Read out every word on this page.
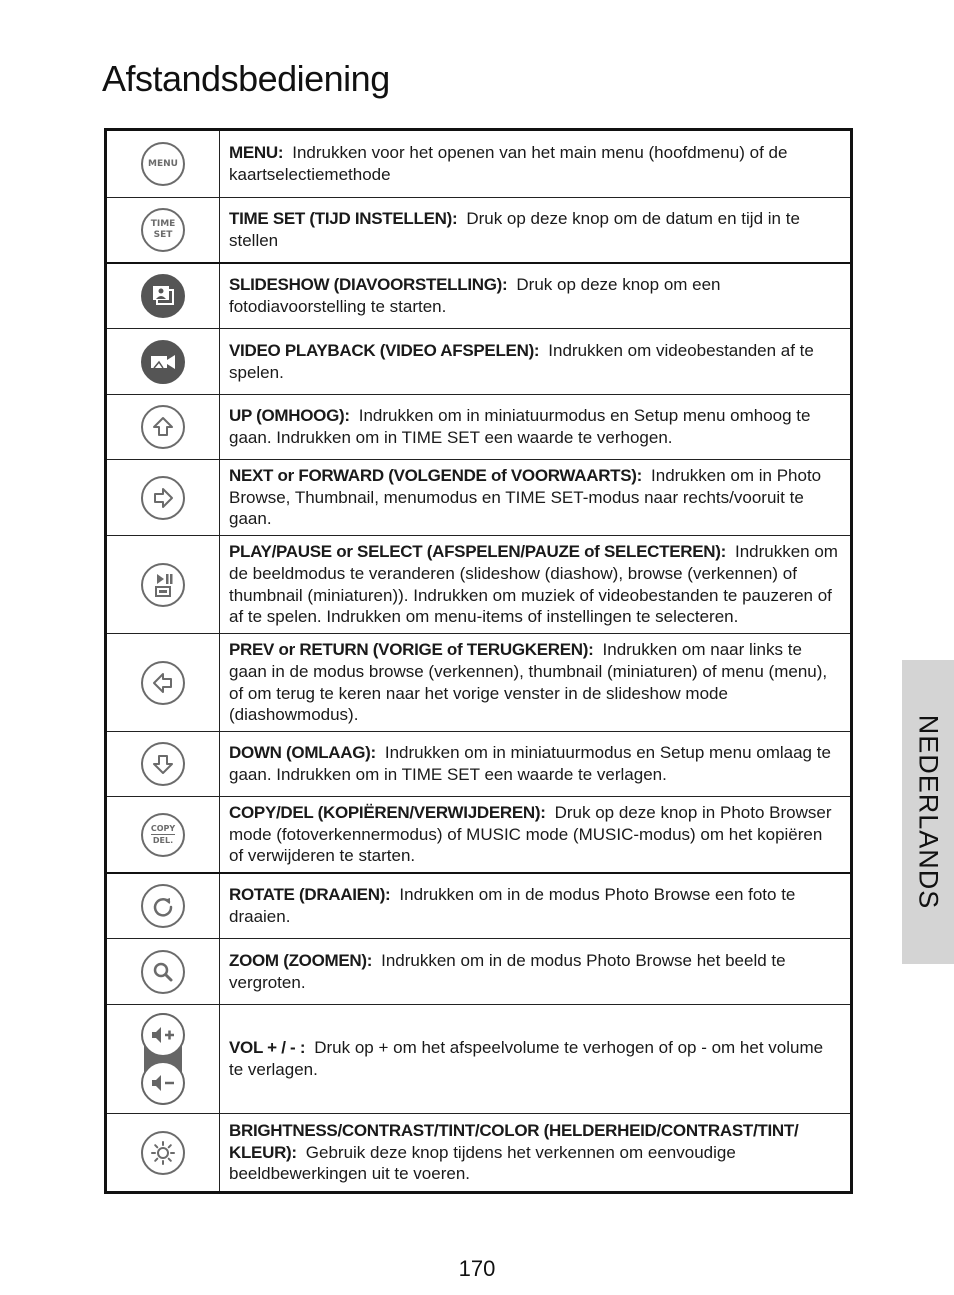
Afstandsbediening
MENU
MENU: Indrukken voor het openen van het main menu (hoofdmenu) of de kaartselectiemethode
TIME
SET
TIME SET (TIJD INSTELLEN): Druk op deze knop om de datum en tijd in te stellen
SLIDESHOW (DIAVOORSTELLING): Druk op deze knop om een fotodiavoorstelling te starten.
VIDEO PLAYBACK (VIDEO AFSPELEN): Indrukken om videobestanden af te spelen.
UP (OMHOOG): Indrukken om in miniatuurmodus en Setup menu omhoog te gaan. Indrukken om in TIME SET een waarde te verhogen.
NEXT or FORWARD (VOLGENDE of VOORWAARTS): Indrukken om in Photo Browse, Thumbnail, menumodus en TIME SET-modus naar rechts/vooruit te gaan.
PLAY/PAUSE or SELECT (AFSPELEN/PAUZE of SELECTEREN): Indrukken om de beeldmodus te veranderen (slideshow (diashow), browse (verkennen) of thumbnail (miniaturen)). Indrukken om muziek of videobestanden te pauzeren of af te spelen. Indrukken om menu-items of instellingen te selecteren.
PREV or RETURN (VORIGE of TERUGKEREN): Indrukken om naar links te gaan in de modus browse (verkennen), thumbnail (miniaturen) of menu (menu), of om terug te keren naar het vorige venster in de slideshow mode (diashowmodus).
DOWN (OMLAAG): Indrukken om in miniatuurmodus en Setup menu omlaag te gaan. Indrukken om in TIME SET een waarde te verlagen.
COPY
DEL.
COPY/DEL (KOPIËREN/VERWIJDEREN): Druk op deze knop in Photo Browser mode (fotoverkennermodus) of MUSIC mode (MUSIC-modus) om het kopiëren of verwijderen te starten.
ROTATE (DRAAIEN): Indrukken om in de modus Photo Browse een foto te draaien.
ZOOM (ZOOMEN): Indrukken om in de modus Photo Browse het beeld te vergroten.
VOL + / - : Druk op + om het afspeelvolume te verhogen of op - om het volume te verlagen.
BRIGHTNESS/CONTRAST/TINT/COLOR (HELDERHEID/CONTRAST/TINT/ KLEUR): Gebruik deze knop tijdens het verkennen om eenvoudige beeldbewerkingen uit te voeren.
NEDERLANDS
170
